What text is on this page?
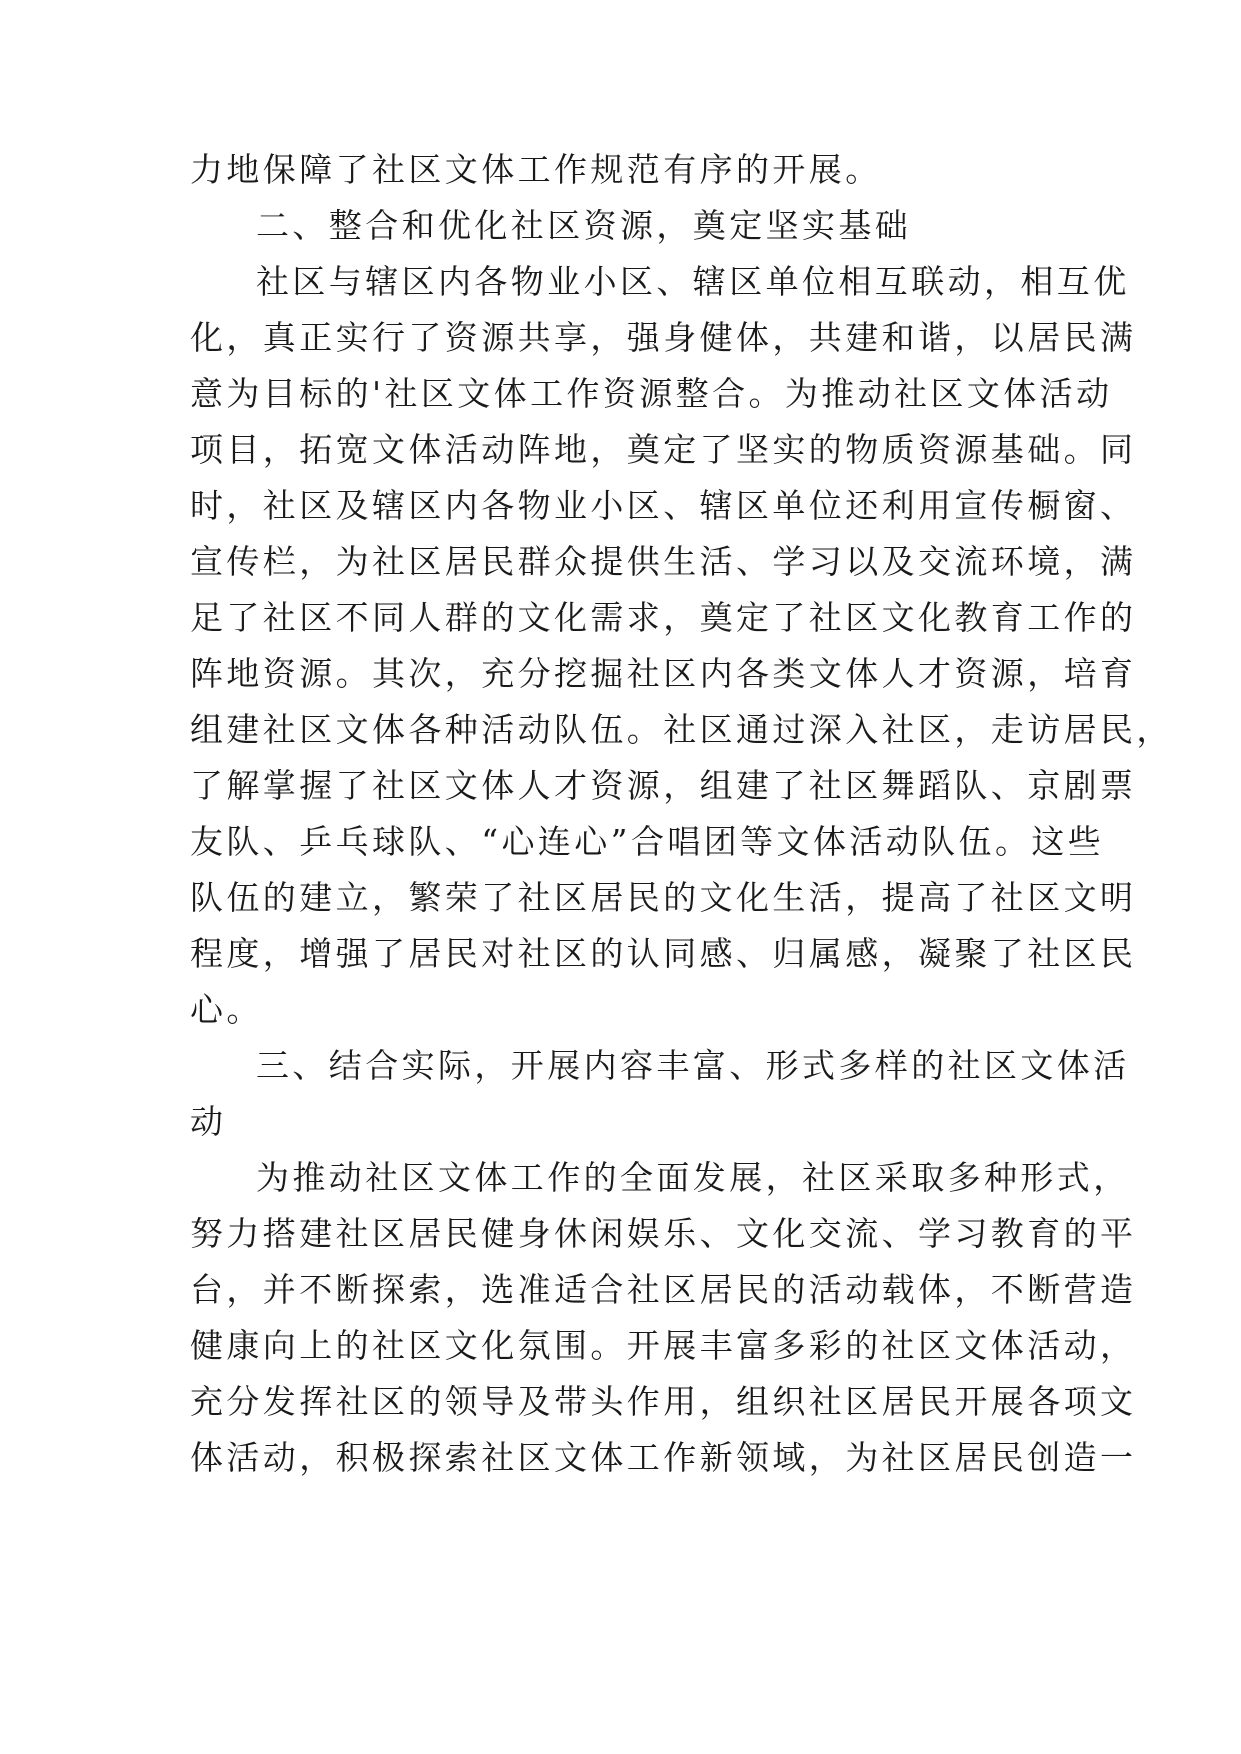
力地保障了社区文体工作规范有序的开展。
二、整合和优化社区资源，奠定坚实基础
社区与辖区内各物业小区、辖区单位相互联动，相互优
化，真正实行了资源共享，强身健体，共建和谐，以居民满
意为目标的'社区文体工作资源整合。为推动社区文体活动
项目，拓宽文体活动阵地，奠定了坚实的物质资源基础。同
时，社区及辖区内各物业小区、辖区单位还利用宣传橱窗、
宣传栏，为社区居民群众提供生活、学习以及交流环境，满
足了社区不同人群的文化需求，奠定了社区文化教育工作的
阵地资源。其次，充分挖掘社区内各类文体人才资源，培育
组建社区文体各种活动队伍。社区通过深入社区，走访居民，
了解掌握了社区文体人才资源，组建了社区舞蹈队、京剧票
友队、乒乓球队、“心连心”合唱团等文体活动队伍。这些
队伍的建立，繁荣了社区居民的文化生活，提高了社区文明
程度，增强了居民对社区的认同感、归属感，凝聚了社区民
心。
三、结合实际，开展内容丰富、形式多样的社区文体活
动
为推动社区文体工作的全面发展，社区采取多种形式，
努力搭建社区居民健身休闲娱乐、文化交流、学习教育的平
台，并不断探索，选准适合社区居民的活动载体，不断营造
健康向上的社区文化氛围。开展丰富多彩的社区文体活动，
充分发挥社区的领导及带头作用，组织社区居民开展各项文
体活动，积极探索社区文体工作新领域，为社区居民创造一
